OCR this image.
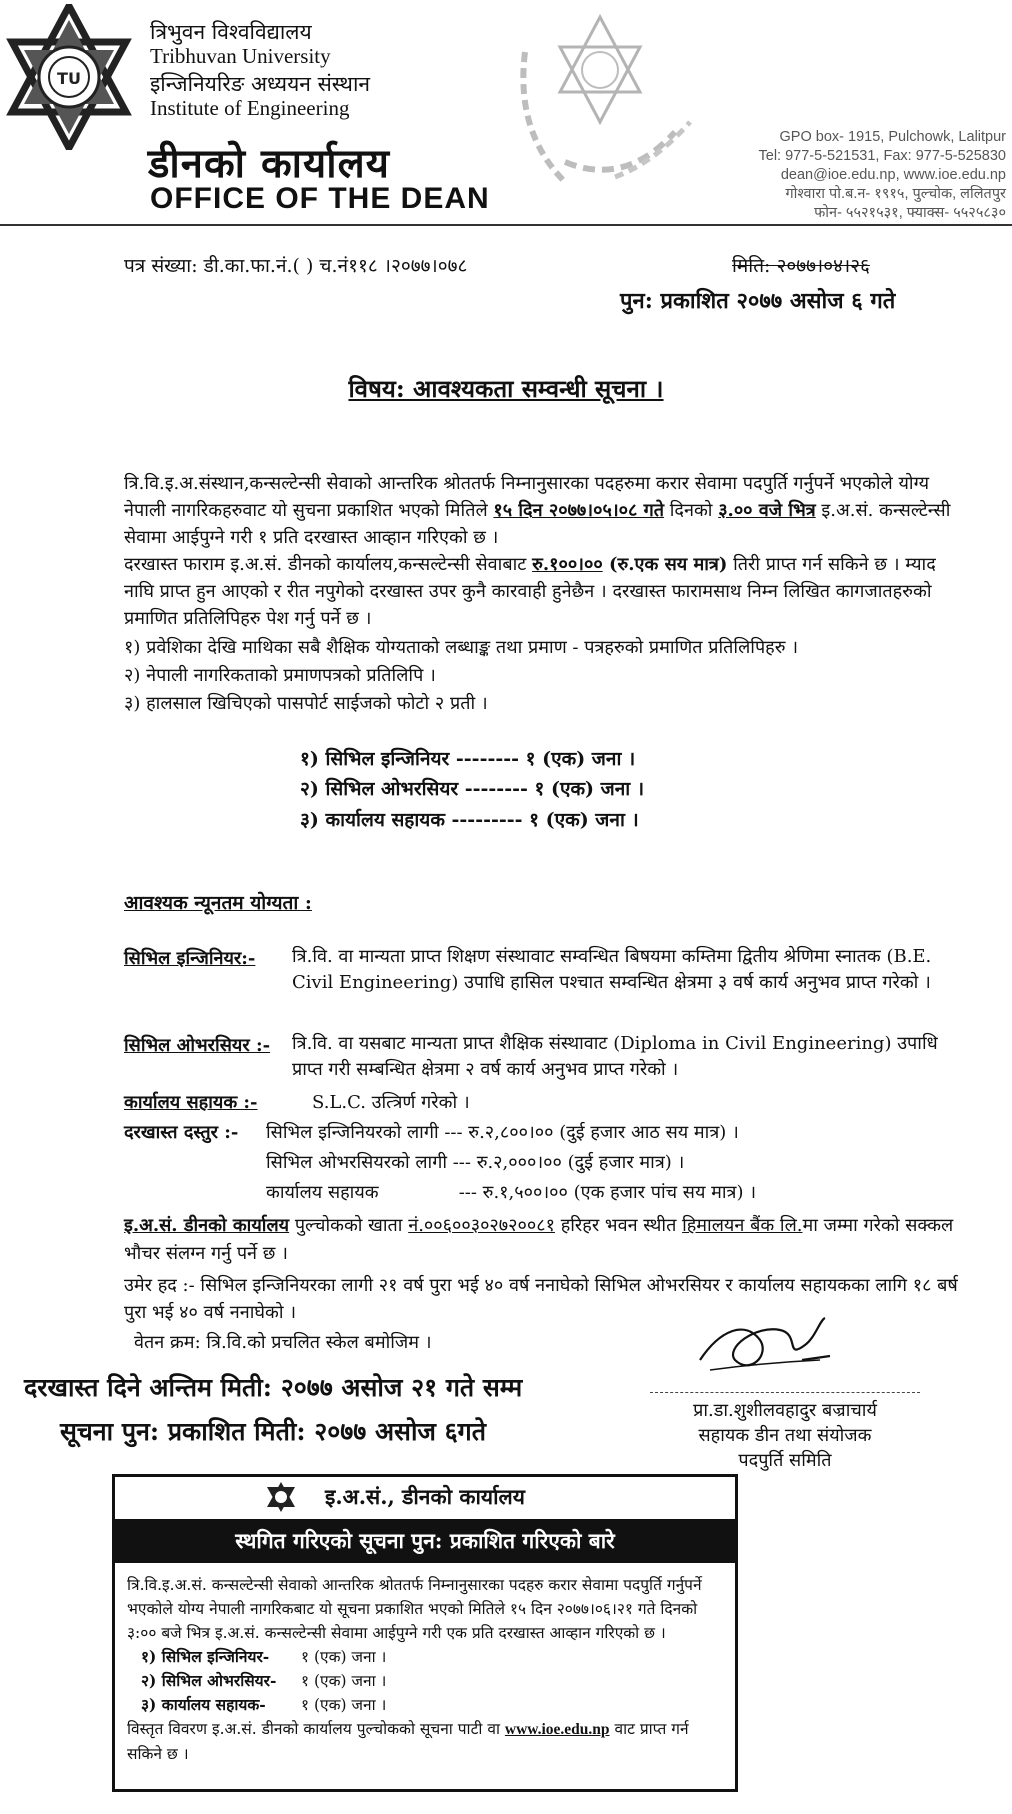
TU
त्रिभुवन विश्वविद्यालय
Tribhuvan University
इन्जिनियरिङ अध्ययन संस्थान
Institute of Engineering
डीनको कार्यालय
OFFICE OF THE DEAN
GPO box- 1915, Pulchowk, Lalitpur
Tel: 977-5-521531, Fax: 977-5-525830
dean@ioe.edu.np, www.ioe.edu.np
गोश्वारा पो.ब.न- १९१५, पुल्चोक, ललितपुर
फोन- ५५२१५३१, फ्याक्स- ५५२५८३०
पत्र संख्या: डी.का.फा.नं.( ) च.नं११८ ।२०७७।०७८	मिति: २०७७।०४।२६
पुन: प्रकाशित २०७७ असोज ६ गते
विषय: आवश्यकता सम्वन्धी सूचना ।
त्रि.वि.इ.अ.संस्थान,कन्सल्टेन्सी सेवाको आन्तरिक श्रोततर्फ निम्नानुसारका पदहरुमा करार सेवामा पदपुर्ति गर्नुपर्ने भएकोले योग्य नेपाली नागरिकहरुवाट यो सुचना प्रकाशित भएको मितिले १५ दिन २०७७।०५।०८ गते दिनको ३.०० वजे भित्र इ.अ.सं. कन्सल्टेन्सी सेवामा आईपुग्ने गरी १ प्रति दरखास्त आव्हान गरिएको छ ।
दरखास्त फाराम इ.अ.सं. डीनको कार्यालय,कन्सल्टेन्सी सेवाबाट रु.१००।०० (रु.एक सय मात्र) तिरी प्राप्त गर्न सकिने छ । म्याद नाघि प्राप्त हुन आएको र रीत नपुगेको दरखास्त उपर कुनै कारवाही हुनेछैन । दरखास्त फारामसाथ निम्न लिखित कागजातहरुको प्रमाणित प्रतिलिपिहरु पेश गर्नु पर्ने छ ।
१) प्रवेशिका देखि माथिका सबै शैक्षिक योग्यताको लब्धाङ्क तथा प्रमाण - पत्रहरुको प्रमाणित प्रतिलिपिहरु ।
२) नेपाली नागरिकताको प्रमाणपत्रको प्रतिलिपि ।
३) हालसाल खिचिएको पासपोर्ट साईजको फोटो २ प्रती ।
१) सिभिल इन्जिनियर -------- १ (एक) जना ।
२) सिभिल ओभरसियर -------- १ (एक) जना ।
३) कार्यालय सहायक --------- १ (एक) जना ।
आवश्यक न्यूनतम योग्यता :
सिभिल इन्जिनियर:- त्रि.वि. वा मान्यता प्राप्त शिक्षण संस्थावाट सम्वन्धित बिषयमा कम्तिमा द्वितीय श्रेणिमा स्नातक (B.E. Civil Engineering) उपाधि हासिल पश्चात सम्वन्धित क्षेत्रमा ३ वर्ष कार्य अनुभव प्राप्त गरेको ।
सिभिल ओभरसियर :- त्रि.वि. वा यसबाट मान्यता प्राप्त शैक्षिक संस्थावाट (Diploma in Civil Engineering) उपाधि प्राप्त गरी सम्बन्धित क्षेत्रमा २ वर्ष कार्य अनुभव प्राप्त गरेको ।
कार्यालय सहायक :-	S.L.C. उत्त्रिर्ण गरेको ।
दरखास्त दस्तुर :- सिभिल इन्जिनियरको लागी --- रु.२,८००।०० (दुई हजार आठ सय मात्र) ।
सिभिल ओभरसियरको लागी --- रु.२,०००।०० (दुई हजार मात्र) ।
कार्यालय सहायक              --- रु.१,५००।०० (एक हजार पांच सय मात्र) ।
इ.अ.सं. डीनको कार्यालय पुल्चोकको खाता नं.००६००३०२७२००८१ हरिहर भवन स्थीत हिमालयन बैंक लि.मा जम्मा गरेको सक्कल भौचर संलग्न गर्नु पर्ने छ ।
उमेर हद :- सिभिल इन्जिनियरका लागी २१ वर्ष पुरा भई ४० वर्ष ननाघेको सिभिल ओभरसियर र कार्यालय सहायकका लागि १८ बर्ष पुरा भई ४० वर्ष ननाघेको ।
वेतन क्रम: त्रि.वि.को प्रचलित स्केल बमोजिम ।
दरखास्त दिने अन्तिम मिती: २०७७ असोज २१ गते सम्म
सूचना पुन: प्रकाशित मिती: २०७७ असोज ६गते
प्रा.डा.शुशीलवहादुर बज्राचार्य
सहायक डीन तथा संयोजक
पदपुर्ति समिति
इ.अ.सं., डीनको कार्यालय
स्थगित गरिएको सूचना पुन: प्रकाशित गरिएको बारे
त्रि.वि.इ.अ.सं. कन्सल्टेन्सी सेवाको आन्तरिक श्रोततर्फ निम्नानुसारका पदहरु करार सेवामा पदपुर्ति गर्नुपर्ने भएकोले योग्य नेपाली नागरिकबाट यो सूचना प्रकाशित भएको मितिले १५ दिन २०७७।०६।२१ गते दिनको ३:०० बजे भित्र इ.अ.सं. कन्सल्टेन्सी सेवामा आईपुग्ने गरी एक प्रति दरखास्त आव्हान गरिएको छ ।
१) सिभिल इन्जिनियर- १ (एक) जना ।
२) सिभिल ओभरसियर- १ (एक) जना ।
३) कार्यालय सहायक- १ (एक) जना ।
विस्तृत विवरण इ.अ.सं. डीनको कार्यालय पुल्चोकको सूचना पाटी वा www.ioe.edu.np वाट प्राप्त गर्न सकिने छ ।
